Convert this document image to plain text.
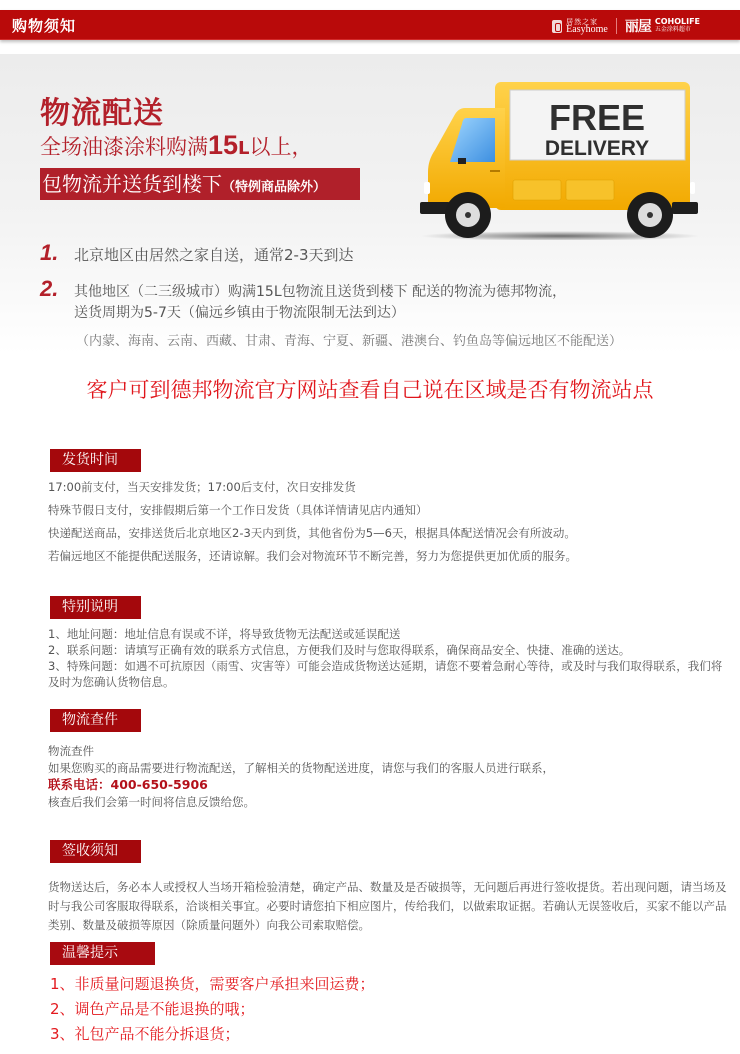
购物须知	居然之家
Easyhome 丽屋 COHOLIFE
五金涂料超市
物流配送
全场油漆涂料购满15L以上，
包物流并送货到楼下（特例商品除外）
FREE
DELIVERY
1. 北京地区由居然之家自送，通常2-3天到达
2. 其他地区（二三级城市）购满15L包物流且送货到楼下 配送的物流为德邦物流，
送货周期为5-7天（偏远乡镇由于物流限制无法到达）
（内蒙、海南、云南、西藏、甘肃、青海、宁夏、新疆、港澳台、钓鱼岛等偏远地区不能配送）
客户可到德邦物流官方网站查看自己说在区域是否有物流站点
发货时间
17:00前支付，当天安排发货；17:00后支付，次日安排发货
特殊节假日支付，安排假期后第一个工作日发货（具体详情请见店内通知）
快递配送商品，安排送货后北京地区2-3天内到货，其他省份为5—6天，根据具体配送情况会有所波动。
若偏远地区不能提供配送服务，还请谅解。我们会对物流环节不断完善，努力为您提供更加优质的服务。
特别说明
1、地址问题：地址信息有误或不详，将导致货物无法配送或延误配送
2、联系问题：请填写正确有效的联系方式信息，方便我们及时与您取得联系，确保商品安全、快捷、准确的送达。
3、特殊问题：如遇不可抗原因（雨雪、灾害等）可能会造成货物送达延期，请您不要着急耐心等待，或及时与我们取得联系，我们将及时为您确认货物信息。
物流查件
物流查件
如果您购买的商品需要进行物流配送，了解相关的货物配送进度，请您与我们的客服人员进行联系，
联系电话：400-650-5906
核查后我们会第一时间将信息反馈给您。
签收须知
货物送达后，务必本人或授权人当场开箱检验清楚，确定产品、数量及是否破损等，无问题后再进行签收提货。若出现问题，请当场及时与我公司客服取得联系，洽谈相关事宜。必要时请您拍下相应图片，传给我们，以做索取证据。若确认无误签收后，买家不能以产品类别、数量及破损等原因（除质量问题外）向我公司索取赔偿。
温馨提示
1、非质量问题退换货，需要客户承担来回运费；
2、调色产品是不能退换的哦；
3、礼包产品不能分拆退货；
